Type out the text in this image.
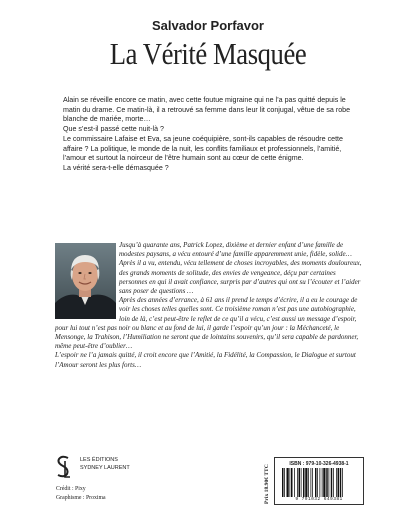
Salvador Porfavor
La Vérité Masquée

Alain se réveille encore ce matin, avec cette foutue migraine qui ne l’a pas quitté depuis le matin du drame. Ce matin-là, il a retrouvé sa femme dans leur lit conjugal, vêtue de sa robe blanche de mariée, morte…

Que s’est-il passé cette nuit-là ?

Le commissaire Lafaise et Eva, sa jeune coéquipière, sont-ils capables de résoudre cette affaire ? La politique, le monde de la nuit, les conflits familiaux et professionnels, l’amitié, l’amour et surtout la noirceur de l’être humain sont au cœur de cette énigme.

La vérité sera-t-elle démasquée ?

Jusqu’à quarante ans, Patrick Lopez, dixième et dernier enfant d’une famille de modestes paysans, a vécu entouré d’une famille apparemment unie, fidèle, solide…

Après il a vu, entendu, vécu tellement de choses incroyables, des moments douloureux, des grands moments de solitude, des envies de vengeance, déçu par certaines personnes en qui il avait confiance, surpris par d’autres qui ont su l’écouter et l’aider sans poser de questions …

Après des années d’errance, à 61 ans il prend le temps d’écrire, il a eu le courage de voir les choses telles quelles sont. Ce troisième roman n’est pas une autobiographie, loin de là, c’est peut-être le reflet de ce qu’il a vécu, c’est aussi un message d’espoir, pour lui tout n’est pas noir ou blanc et au fond de lui, il garde l’espoir qu’un jour : la Méchanceté, le Mensonge, la Trahison, l’Humiliation ne seront que de lointains souvenirs, qu’il sera capable de pardonner, même peut-être d’oublier…

L’espoir ne l’a jamais quitté, il croit encore que l’Amitié, la Fidélité, la Compassion, le Dialogue et surtout l’Amour seront les plus forts…

LES ÉDITIONS
SYDNEY LAURENT
Crédit : Pixy
Graphisme : Proxima	Prix 18.90€ TTC
ISBN : 979-10-326-4938-1
9 791032 649381
